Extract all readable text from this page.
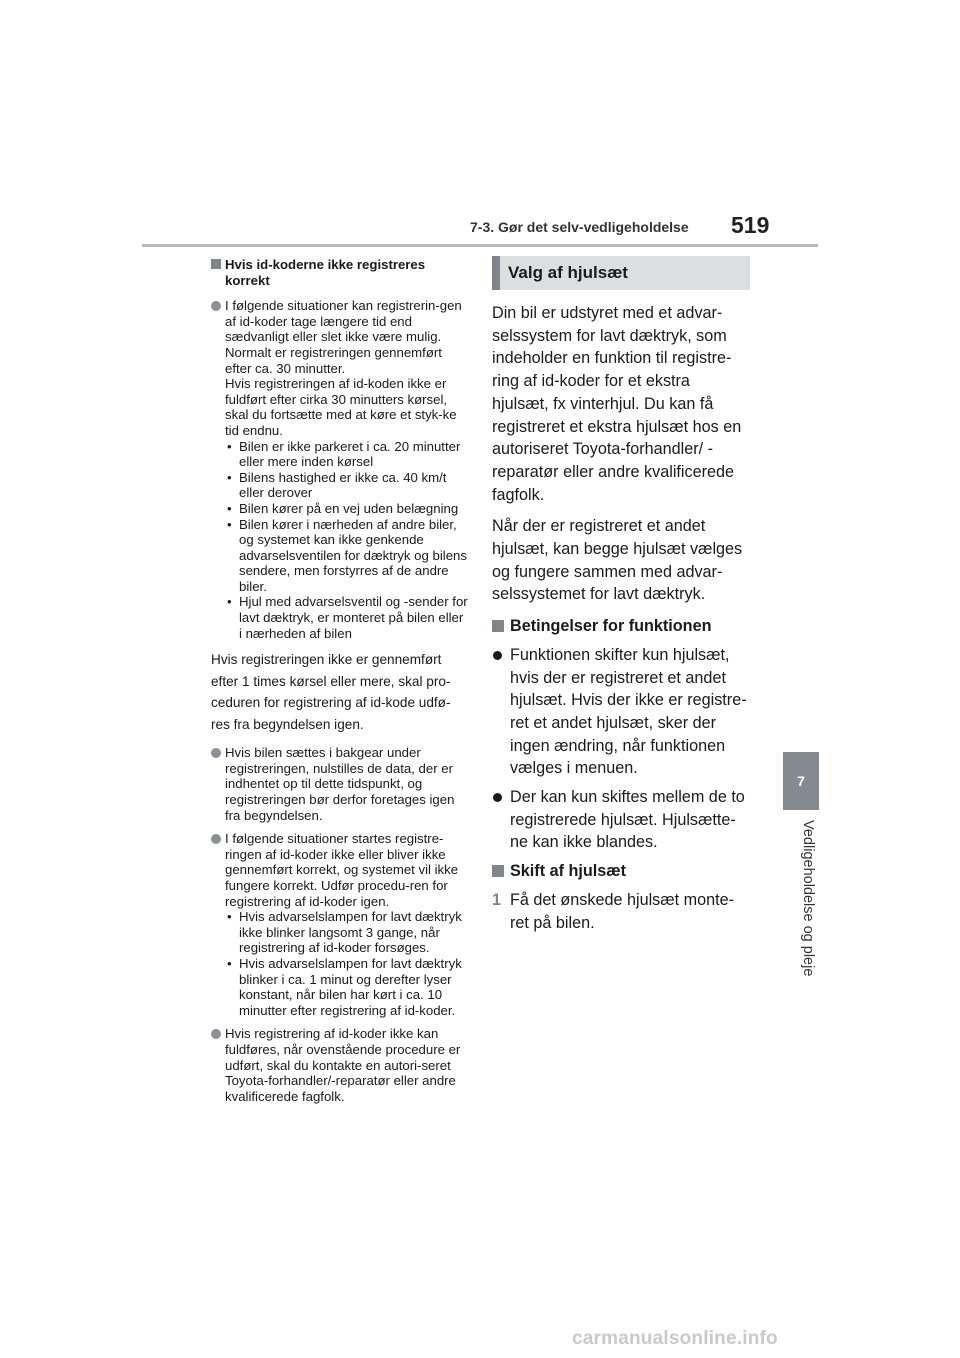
7-3. Gør det selv-vedligeholdelse 519
7
Vedligeholdelse og pleje
Hvis id-koderne ikke registreres korrekt
I følgende situationer kan registrerin-gen af id-koder tage længere tid end sædvanligt eller slet ikke være mulig. Normalt er registreringen gennemført efter ca. 30 minutter.
Hvis registreringen af id-koden ikke er fuldført efter cirka 30 minutters kørsel, skal du fortsætte med at køre et styk-ke tid endnu.
• Bilen er ikke parkeret i ca. 20 minutter eller mere inden kørsel
• Bilens hastighed er ikke ca. 40 km/t eller derover
• Bilen kører på en vej uden belægning
• Bilen kører i nærheden af andre biler, og systemet kan ikke genkende advarselsventilen for dæktryk og bilens sendere, men forstyrres af de andre biler.
• Hjul med advarselsventil og -sender for lavt dæktryk, er monteret på bilen eller i nærheden af bilen

Hvis registreringen ikke er gennemført efter 1 times kørsel eller mere, skal pro-ceduren for registrering af id-kode udfø-res fra begyndelsen igen.

Hvis bilen sættes i bakgear under registreringen, nulstilles de data, der er indhentet op til dette tidspunkt, og registreringen bør derfor foretages igen fra begyndelsen.
I følgende situationer startes registre-ringen af id-koder ikke eller bliver ikke gennemført korrekt, og systemet vil ikke fungere korrekt. Udfør procedu-ren for registrering af id-koder igen.
• Hvis advarselslampen for lavt dæktryk ikke blinker langsomt 3 gange, når registrering af id-koder forsøges.
• Hvis advarselslampen for lavt dæktryk blinker i ca. 1 minut og derefter lyser konstant, når bilen har kørt i ca. 10 minutter efter registrering af id-koder.
Hvis registrering af id-koder ikke kan fuldføres, når ovenstående procedure er udført, skal du kontakte en autori-seret Toyota-forhandler/-reparatør eller andre kvalificerede fagfolk.
Valg af hjulsæt

Din bil er udstyret med et advar-selssystem for lavt dæktryk, som indeholder en funktion til registre-ring af id-koder for et ekstra hjulsæt, fx vinterhjul. Du kan få registreret et ekstra hjulsæt hos en autoriseret Toyota-forhandler/ -reparatør eller andre kvalificerede fagfolk.

Når der er registreret et andet hjulsæt, kan begge hjulsæt vælges og fungere sammen med advar-selssystemet for lavt dæktryk.

Betingelser for funktionen
Funktionen skifter kun hjulsæt, hvis der er registreret et andet hjulsæt. Hvis der ikke er registre-ret et andet hjulsæt, sker der ingen ændring, når funktionen vælges i menuen.
Der kan kun skiftes mellem de to registrerede hjulsæt. Hjulsætte-ne kan ikke blandes.
Skift af hjulsæt
1 Få det ønskede hjulsæt monte-ret på bilen.
carmanualsonline.info
